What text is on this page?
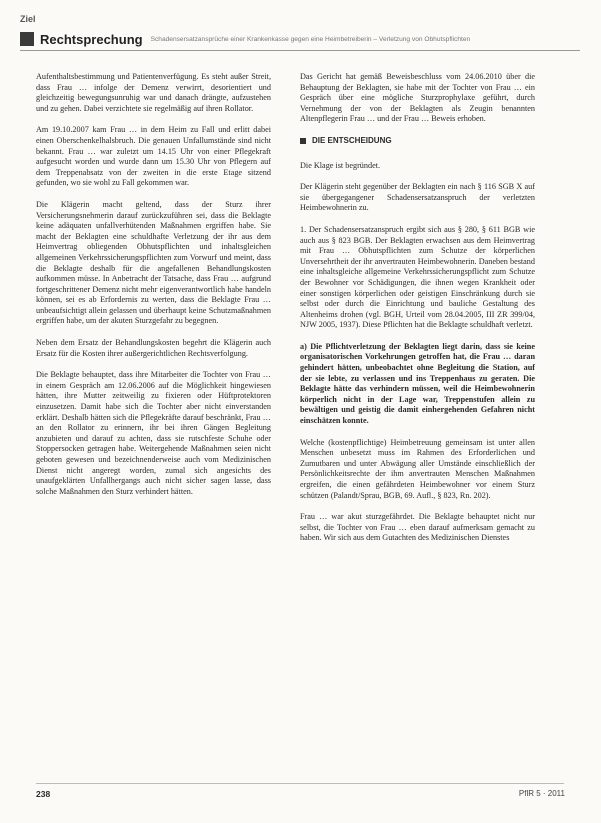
Ziel
Rechtsprechung Schadensersatzansprüche einer Krankenkasse gegen eine Heimbetreiberin – Verletzung von Obhutspflichten

Aufenthaltsbestimmung und Patientenverfügung. Es steht außer Streit, dass Frau … infolge der Demenz verwirrt, desorientiert und gleichzeitig bewegungsunruhig war und danach drängte, aufzustehen und zu gehen. Dabei verzichtete sie regelmäßig auf ihren Rollator.

Am 19.10.2007 kam Frau … in dem Heim zu Fall und erlitt dabei einen Oberschenkelhalsbruch. Die genauen Unfallumstände sind nicht bekannt. Frau … war zuletzt um 14.15 Uhr von einer Pflegekraft aufgesucht worden und wurde dann um 15.30 Uhr von Pflegern auf dem Treppenabsatz von der zweiten in die erste Etage sitzend gefunden, wo sie wohl zu Fall gekommen war.

Die Klägerin macht geltend, dass der Sturz ihrer Versicherungsnehmerin darauf zurückzuführen sei, dass die Beklagte keine adäquaten unfallverhütenden Maßnahmen ergriffen habe. Sie macht der Beklagten eine schuldhafte Verletzung der ihr aus dem Heimvertrag obliegenden Obhutspflichten und inhaltsgleichen allgemeinen Verkehrssicherungspflichten zum Vorwurf und meint, dass die Beklagte deshalb für die angefallenen Behandlungskosten aufkommen müsse. In Anbetracht der Tatsache, dass Frau … aufgrund fortgeschrittener Demenz nicht mehr eigenverantwortlich habe handeln können, sei es ab Erfordernis zu werten, dass die Beklagte Frau … unbeaufsichtigt allein gelassen und überhaupt keine Schutzmaßnahmen ergriffen habe, um der akuten Sturzgefahr zu begegnen.

Neben dem Ersatz der Behandlungskosten begehrt die Klägerin auch Ersatz für die Kosten ihrer außergerichtlichen Rechtsverfolgung.

Die Beklagte behauptet, dass ihre Mitarbeiter die Tochter von Frau … in einem Gespräch am 12.06.2006 auf die Möglichkeit hingewiesen hätten, ihre Mutter zeitweilig zu fixieren oder Hüftprotektoren einzusetzen. Damit habe sich die Tochter aber nicht einverstanden erklärt. Deshalb hätten sich die Pflegekräfte darauf beschränkt, Frau … an den Rollator zu erinnern, ihr bei ihren Gängen Begleitung anzubieten und darauf zu achten, dass sie rutschfeste Schuhe oder Stoppersocken getragen habe. Weitergehende Maßnahmen seien nicht geboten gewesen und bezeichnenderweise auch vom Medizinischen Dienst nicht angeregt worden, zumal sich angesichts des unaufgeklärten Unfallhergangs auch nicht sicher sagen lasse, dass solche Maßnahmen den Sturz verhindert hätten.

Das Gericht hat gemäß Beweisbeschluss vom 24.06.2010 über die Behauptung der Beklagten, sie habe mit der Tochter von Frau … ein Gespräch über eine mögliche Sturzprophylaxe geführt, durch Vernehmung der von der Beklagten als Zeugin benannten Altenpflegerin Frau … und der Frau … Beweis erhoben.

DIE ENTSCHEIDUNG

Die Klage ist begründet.

Der Klägerin steht gegenüber der Beklagten ein nach § 116 SGB X auf sie übergegangener Schadensersatzanspruch der verletzten Heimbewohnerin zu.

1. Der Schadensersatzanspruch ergibt sich aus § 280, § 611 BGB wie auch aus § 823 BGB. Der Beklagten erwachsen aus dem Heimvertrag mit Frau … Obhutspflichten zum Schutze der körperlichen Unversehrtheit der ihr anvertrauten Heimbewohnerin. Daneben bestand eine inhaltsgleiche allgemeine Verkehrssicherungspflicht zum Schutze der Bewohner vor Schädigungen, die ihnen wegen Krankheit oder einer sonstigen körperlichen oder geistigen Einschränkung durch sie selbst oder durch die Einrichtung und bauliche Gestaltung des Altenheims drohen (vgl. BGH, Urteil vom 28.04.2005, III ZR 399/04, NJW 2005, 1937). Diese Pflichten hat die Beklagte schuldhaft verletzt.

a) Die Pflichtverletzung der Beklagten liegt darin, dass sie keine organisatorischen Vorkehrungen getroffen hat, die Frau … daran gehindert hätten, unbeobachtet ohne Begleitung die Station, auf der sie lebte, zu verlassen und ins Treppenhaus zu geraten. Die Beklagte hätte das verhindern müssen, weil die Heimbewohnerin körperlich nicht in der Lage war, Treppenstufen allein zu bewältigen und geistig die damit einhergehenden Gefahren nicht einschätzen konnte.

Welche (kostenpflichtige) Heimbetreuung gemeinsam ist unter allen Menschen unbesetzt muss im Rahmen des Erforderlichen und Zumutbaren und unter Abwägung aller Umstände einschließlich der Persönlichkeitsrechte der ihm anvertrauten Menschen Maßnahmen ergreifen, die einen gefährdeten Heimbewohner vor einem Sturz schützen (Palandt/Sprau, BGB, 69. Aufl., § 823, Rn. 202).

Frau … war akut sturzgefährdet. Die Beklagte behauptet nicht nur selbst, die Tochter von Frau … eben darauf aufmerksam gemacht zu haben. Wir sich aus dem Gutachten des Medizinischen Dienstes

238	PflR 5 · 2011
